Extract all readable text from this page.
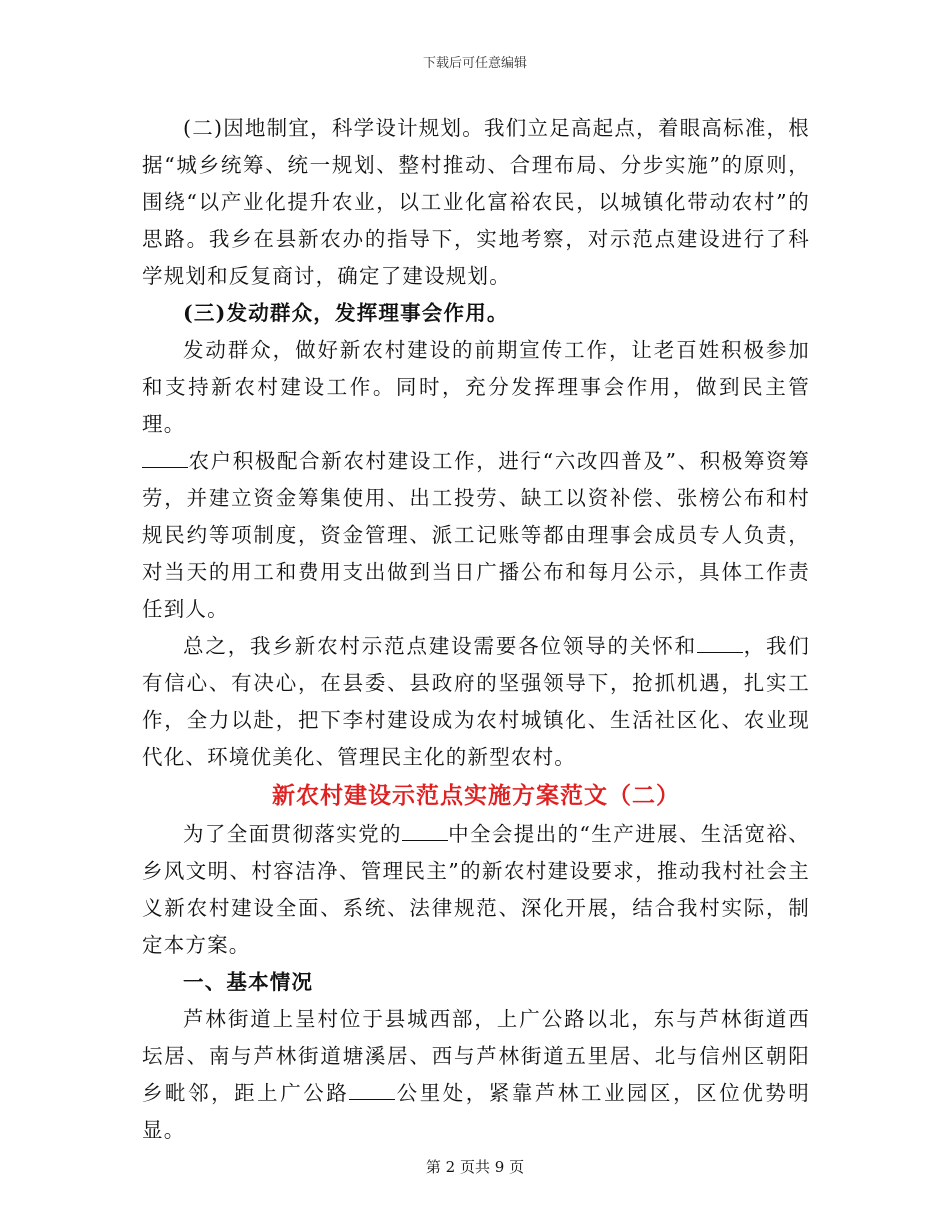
下载后可任意编辑

(二)因地制宜，科学设计规划。我们立足高起点，着眼高标准，根据“城乡统筹、统一规划、整村推动、合理布局、分步实施”的原则，围绕“以产业化提升农业，以工业化富裕农民，以城镇化带动农村”的思路。我乡在县新农办的指导下，实地考察，对示范点建设进行了科学规划和反复商讨，确定了建设规划。

(三)发动群众，发挥理事会作用。

发动群众，做好新农村建设的前期宣传工作，让老百姓积极参加和支持新农村建设工作。同时，充分发挥理事会作用，做到民主管理。

农户积极配合新农村建设工作，进行“六改四普及”、积极筹资筹劳，并建立资金筹集使用、出工投劳、缺工以资补偿、张榜公布和村规民约等项制度，资金管理、派工记账等都由理事会成员专人负责，对当天的用工和费用支出做到当日广播公布和每月公示，具体工作责任到人。

总之，我乡新农村示范点建设需要各位领导的关怀和 ，我们有信心、有决心，在县委、县政府的坚强领导下，抢抓机遇，扎实工作，全力以赴，把下李村建设成为农村城镇化、生活社区化、农业现代化、环境优美化、管理民主化的新型农村。

新农村建设示范点实施方案范文（二）

为了全面贯彻落实党的 中全会提出的“生产进展、生活宽裕、乡风文明、村容洁净、管理民主”的新农村建设要求，推动我村社会主义新农村建设全面、系统、法律规范、深化开展，结合我村实际，制定本方案。

一、基本情况

芦林街道上呈村位于县城西部，上广公路以北，东与芦林街道西坛居、南与芦林街道塘溪居、西与芦林街道五里居、北与信州区朝阳乡毗邻，距上广公路 公里处，紧靠芦林工业园区，区位优势明显。

第 2 页共 9 页
